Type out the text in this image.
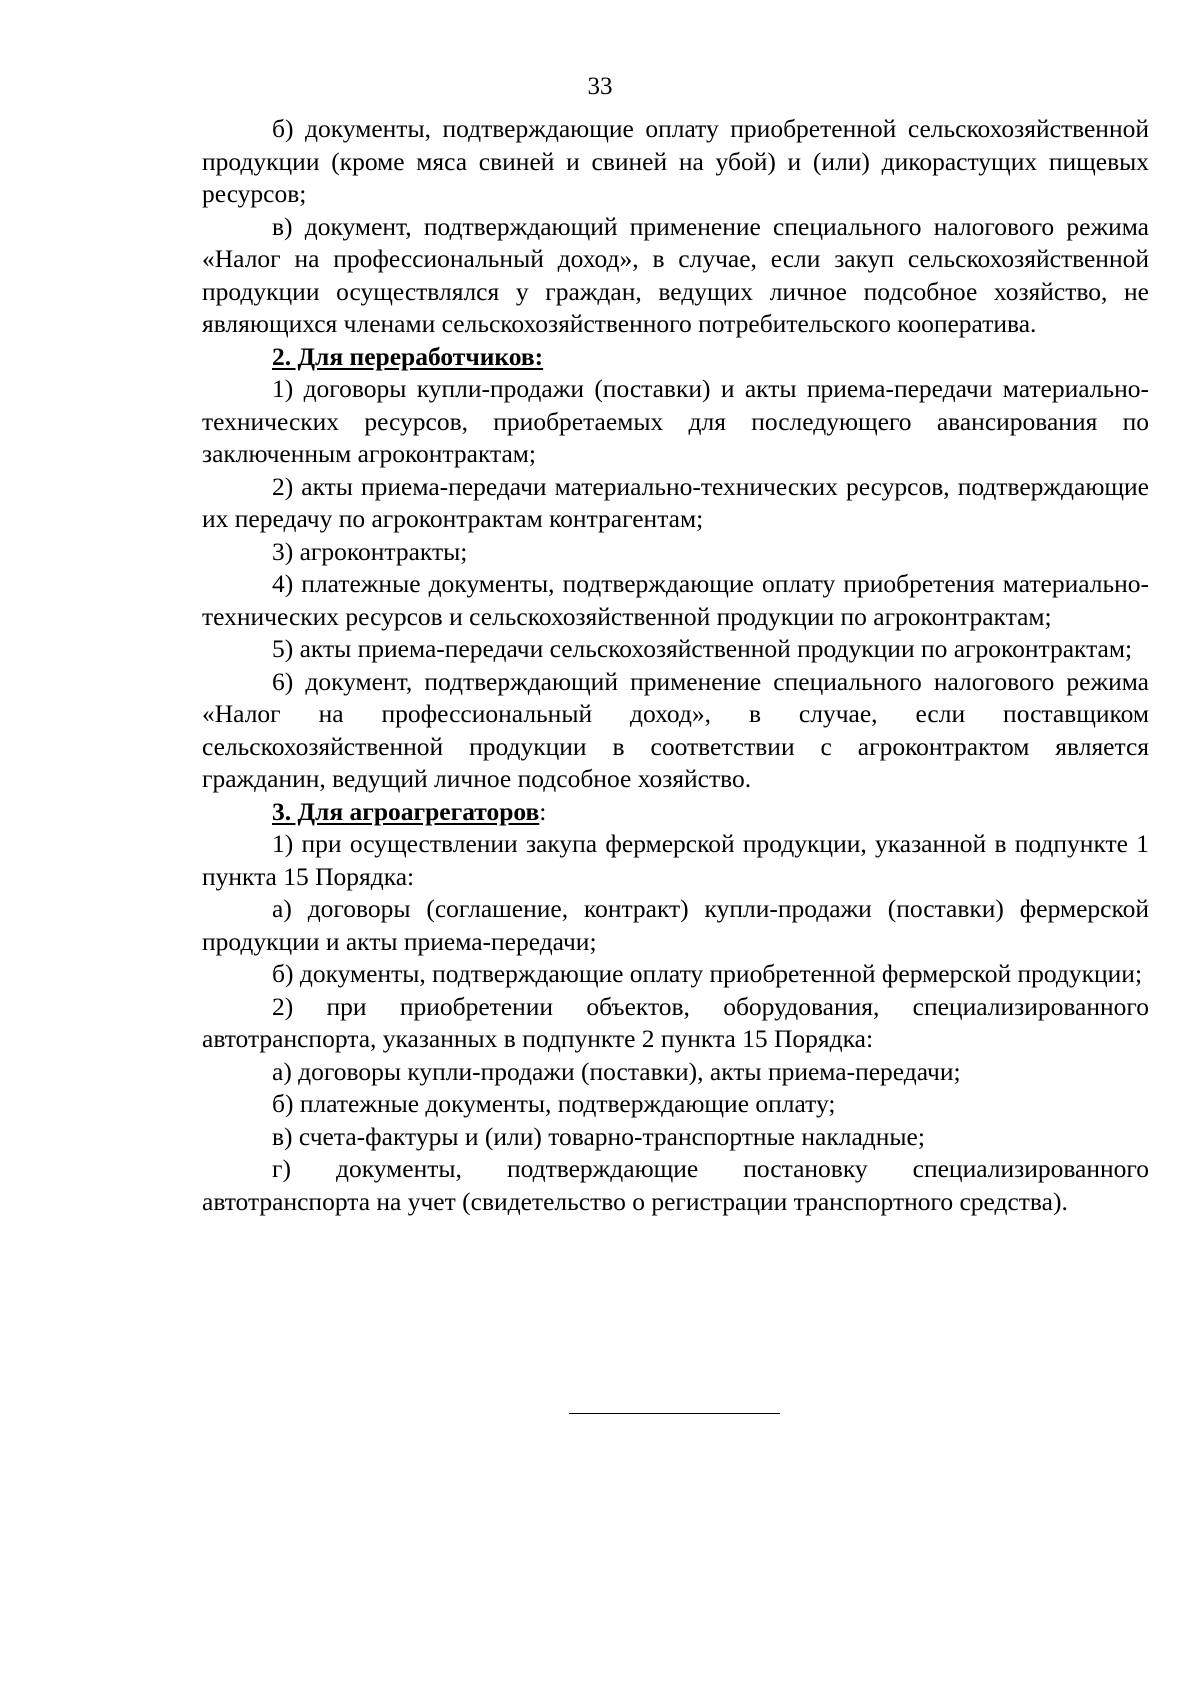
33

б) документы, подтверждающие оплату приобретенной сельскохозяйственной продукции (кроме мяса свиней и свиней на убой) и (или) дикорастущих пищевых ресурсов;

в) документ, подтверждающий применение специального налогового режима «Налог на профессиональный доход», в случае, если закуп сельскохозяйственной продукции осуществлялся у граждан, ведущих личное подсобное хозяйство, не являющихся членами сельскохозяйственного потребительского кооператива.

2. Для переработчиков:

1) договоры купли-продажи (поставки) и акты приема-передачи материально-технических ресурсов, приобретаемых для последующего авансирования по заключенным агроконтрактам;

2) акты приема-передачи материально-технических ресурсов, подтверждающие их передачу по агроконтрактам контрагентам;

3) агроконтракты;

4) платежные документы, подтверждающие оплату приобретения материально-технических ресурсов и сельскохозяйственной продукции по агроконтрактам;

5) акты приема-передачи сельскохозяйственной продукции по агроконтрактам;

6) документ, подтверждающий применение специального налогового режима «Налог на профессиональный доход», в случае, если поставщиком сельскохозяйственной продукции в соответствии с агроконтрактом является гражданин, ведущий личное подсобное хозяйство.

3. Для агроагрегаторов:

1) при осуществлении закупа фермерской продукции, указанной в подпункте 1 пункта 15 Порядка:

а) договоры (соглашение, контракт) купли-продажи (поставки) фермерской продукции и акты приема-передачи;

б) документы, подтверждающие оплату приобретенной фермерской продукции;

2) при приобретении объектов, оборудования, специализированного автотранспорта, указанных в подпункте 2 пункта 15 Порядка:

а) договоры купли-продажи (поставки), акты приема-передачи;

б) платежные документы, подтверждающие оплату;

в) счета-фактуры и (или) товарно-транспортные накладные;

г) документы, подтверждающие постановку специализированного автотранспорта на учет (свидетельство о регистрации транспортного средства).
